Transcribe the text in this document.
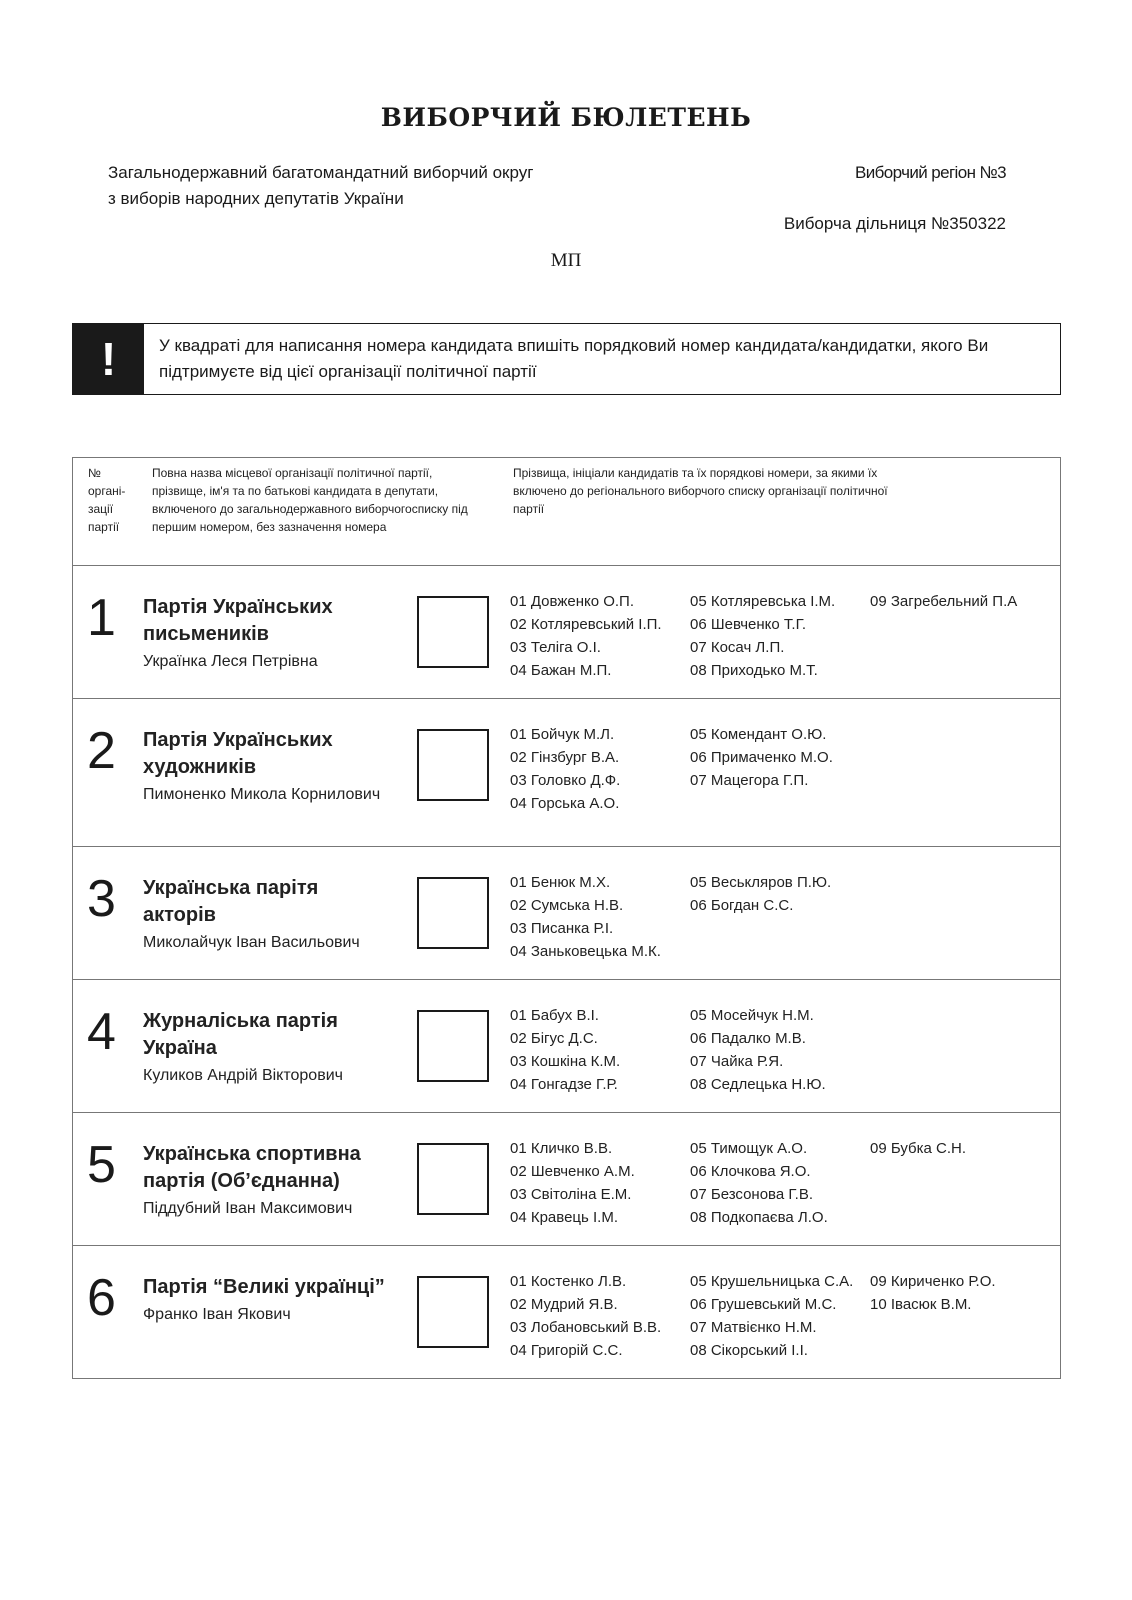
ВИБОРЧИЙ БЮЛЕТЕНЬ
Загальнодержавний багатомандатний виборчий округ
з виборів народних депутатів України
Виборчий регіон №3
Виборча дільниця №350322
МП
!	У квадраті для написання номера кандидата впишіть порядковий номер кандидата/кандидатки, якого Ви підтримуєте від цієї організації політичної партії
№ органі-зації партії
Повна назва місцевої організації політичної партії, прізвище, ім'я та по батькові кандидата в депутати, включеного до загальнодержавного виборчогосписку під першим номером, без зазначення номера
Прізвища, ініціали кандидатів та їх порядкові номери, за якими їх включено до регіонального виборчого списку організації політичної партії
1 Партія Українських письмеників
Українка Леся Петрівна
01 Довженко О.П.
02 Котляревський І.П.
03 Теліга О.І.
04 Бажан М.П.
05 Котляревська І.М.
06 Шевченко Т.Г.
07 Косач Л.П.
08 Приходько М.Т.
09 Загребельний П.А
2 Партія Українських художників
Пимоненко Микола Корнилович
01 Бойчук М.Л.
02 Гінзбург В.А.
03 Головко Д.Ф.
04 Горська А.О.
05 Комендант О.Ю.
06 Примаченко М.О.
07 Мацегора Г.П.
3 Українська парітя акторів
Миколайчук Іван Васильович
01 Бенюк М.Х.
02 Сумська Н.В.
03 Писанка Р.І.
04 Заньковецька М.К.
05 Веськляров П.Ю.
06 Богдан С.С.
4 Журналіська партія Україна
Куликов Андрій Вікторович
01 Бабух В.І.
02 Бігус Д.С.
03 Кошкіна К.М.
04 Гонгадзе Г.Р.
05 Мосейчук Н.М.
06 Падалко М.В.
07 Чайка Р.Я.
08 Седлецька Н.Ю.
5 Українська спортивна партія (Об’єднанна)
Піддубний Іван Максимович
01 Кличко В.В.
02 Шевченко А.М.
03 Світоліна Е.М.
04 Кравець І.М.
05 Тимощук А.О.
06 Клочкова Я.О.
07 Безсонова Г.В.
08 Подкопаєва Л.О.
09 Бубка С.Н.
6 Партія “Великі українці”
Франко Іван Якович
01 Костенко Л.В.
02 Мудрий Я.В.
03 Лобановський В.В.
04 Григорій С.С.
05 Крушельницька С.А.
06 Грушевський М.С.
07 Матвієнко Н.М.
08 Сікорський І.І.
09 Кириченко Р.О.
10 Івасюк В.М.
